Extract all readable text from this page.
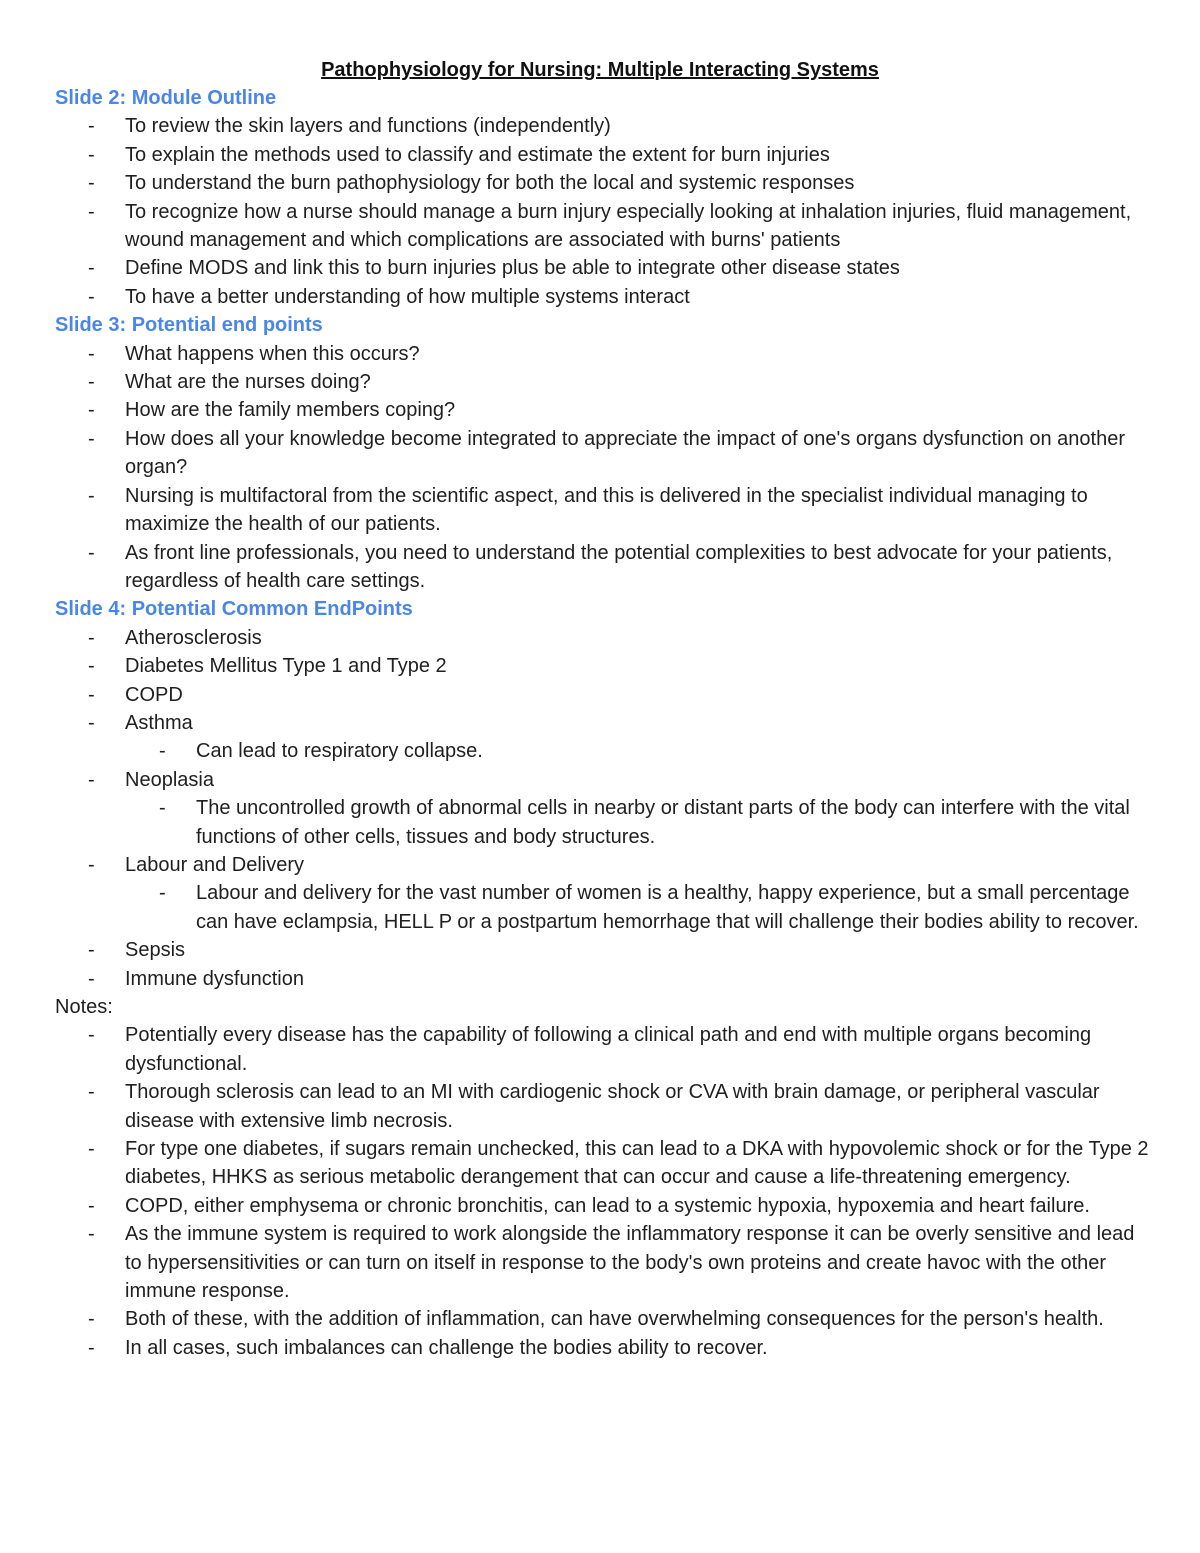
Pathophysiology for Nursing: Multiple Interacting Systems

Slide 2: Module Outline

- To review the skin layers and functions (independently)
- To explain the methods used to classify and estimate the extent for burn injuries
- To understand the burn pathophysiology for both the local and systemic responses
- To recognize how a nurse should manage a burn injury especially looking at inhalation injuries, fluid management, wound management and which complications are associated with burns' patients
- Define MODS and link this to burn injuries plus be able to integrate other disease states
- To have a better understanding of how multiple systems interact

Slide 3: Potential end points

- What happens when this occurs?
- What are the nurses doing?
- How are the family members coping?
- How does all your knowledge become integrated to appreciate the impact of one's organs dysfunction on another organ?
- Nursing is multifactoral from the scientific aspect, and this is delivered in the specialist individual managing to maximize the health of our patients.
- As front line professionals, you need to understand the potential complexities to best advocate for your patients, regardless of health care settings.

Slide 4: Potential Common EndPoints

- Atherosclerosis
- Diabetes Mellitus Type 1 and Type 2
- COPD
- Asthma
- Can lead to respiratory collapse.
- Neoplasia
- The uncontrolled growth of abnormal cells in nearby or distant parts of the body can interfere with the vital functions of other cells, tissues and body structures.
- Labour and Delivery
- Labour and delivery for the vast number of women is a healthy, happy experience, but a small percentage can have eclampsia, HELL P or a postpartum hemorrhage that will challenge their bodies ability to recover.
- Sepsis
- Immune dysfunction

Notes:

- Potentially every disease has the capability of following a clinical path and end with multiple organs becoming dysfunctional.
- Thorough sclerosis can lead to an MI with cardiogenic shock or CVA with brain damage, or peripheral vascular disease with extensive limb necrosis.
- For type one diabetes, if sugars remain unchecked, this can lead to a DKA with hypovolemic shock or for the Type 2 diabetes, HHKS as serious metabolic derangement that can occur and cause a life-threatening emergency.
- COPD, either emphysema or chronic bronchitis, can lead to a systemic hypoxia, hypoxemia and heart failure.
- As the immune system is required to work alongside the inflammatory response it can be overly sensitive and lead to hypersensitivities or can turn on itself in response to the body's own proteins and create havoc with the other immune response.
- Both of these, with the addition of inflammation, can have overwhelming consequences for the person's health.
- In all cases, such imbalances can challenge the bodies ability to recover.
